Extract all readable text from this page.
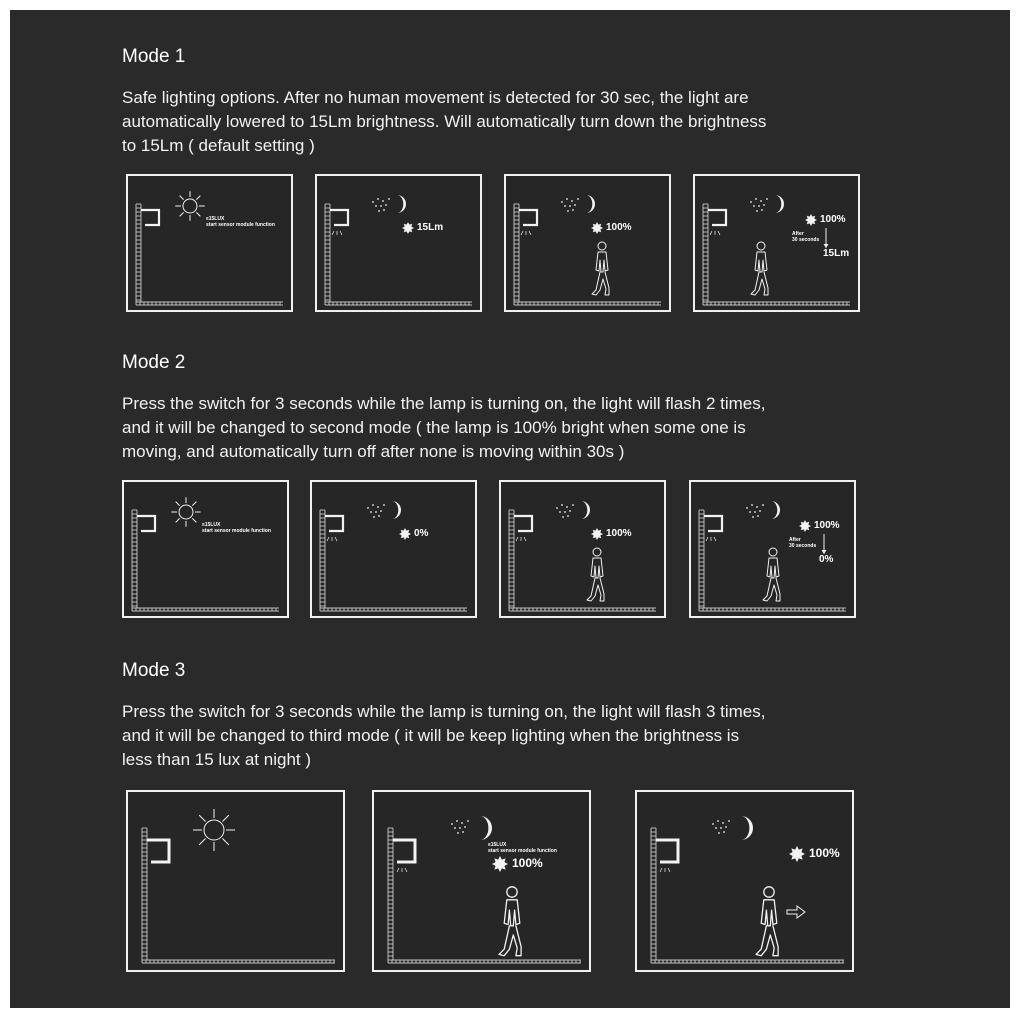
Mode 1

Safe lighting options. After no human movement is detected for 30 sec, the light are
automatically lowered to 15Lm brightness. Will automatically turn down the brightness
to 15Lm ( default setting )

Mode 2

Press the switch for 3 seconds while the lamp is turning on, the light will flash 2 times,
and it will be changed to second mode ( the lamp is 100% bright when some one is
moving, and automatically turn off after none is moving within 30s )

Mode 3

Press the switch for 3 seconds while the lamp is turning on, the light will flash 3 times,
and it will be changed to third mode ( it will be keep lighting when the brightness is
less than 15 lux at night )

≤15LUX
start sensor module function	15Lm	100%
100%
After
30 seconds
15Lm
≤15LUX
start sensor module function	0%	100%
100%
After
30 seconds
0%
≤15LUX
start sensor module function
100%
100%
